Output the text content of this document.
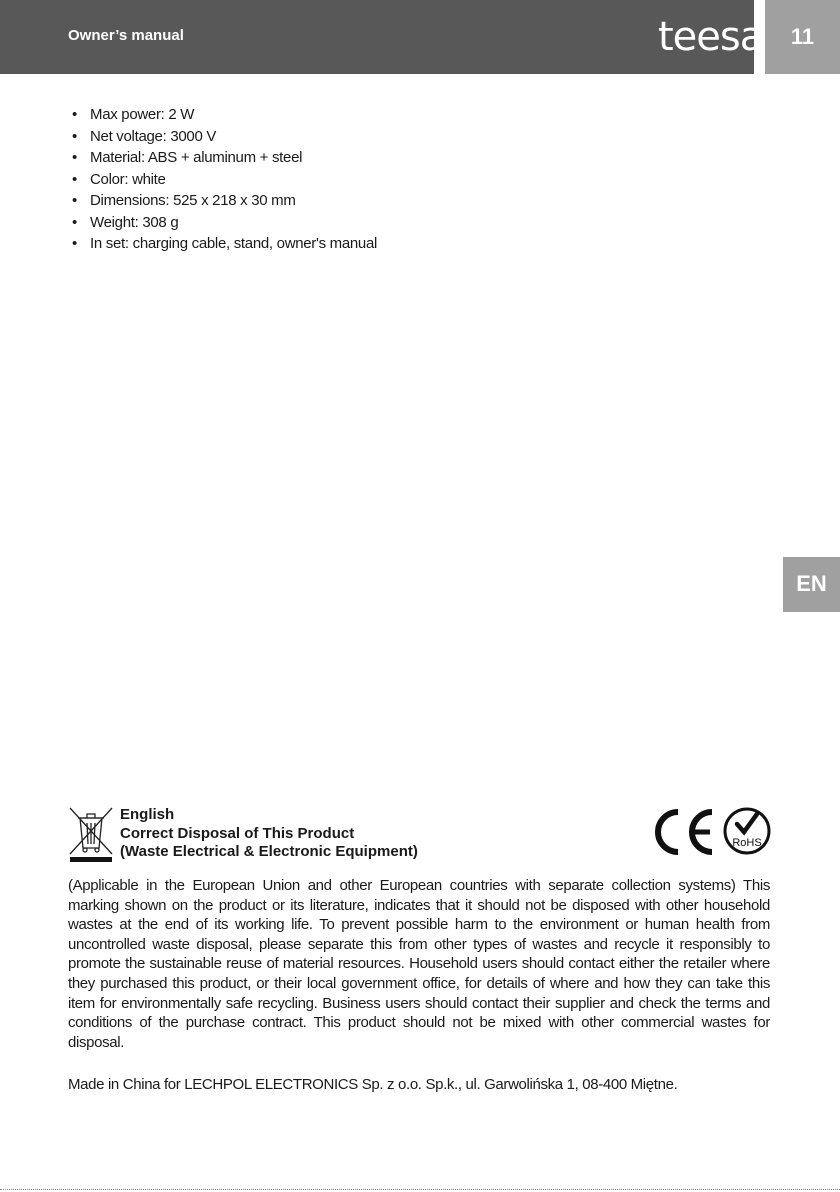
Owner’s manual	teesa	11
• Max power: 2 W
• Net voltage: 3000 V
• Material: ABS + aluminum + steel
• Color: white
• Dimensions: 525 x 218 x 30 mm
• Weight: 308 g
• In set: charging cable, stand, owner's manual
EN
English
Correct Disposal of This Product
(Waste Electrical & Electronic Equipment)	RoHS

(Applicable in the European Union and other European countries with separate collection systems) This marking shown on the product or its literature, indicates that it should not be disposed with other household wastes at the end of its working life. To prevent possible harm to the environment or human health from uncontrolled waste disposal, please separate this from other types of wastes and recycle it responsibly to promote the sustainable reuse of material resources. Household users should contact either the retailer where they purchased this product, or their local government office, for details of where and how they can take this item for environmentally safe recycling. Business users should contact their supplier and check the terms and conditions of the purchase contract. This product should not be mixed with other commercial wastes for disposal.

Made in China for LECHPOL ELECTRONICS Sp. z o.o. Sp.k., ul. Garwolińska 1, 08-400 Miętne.
